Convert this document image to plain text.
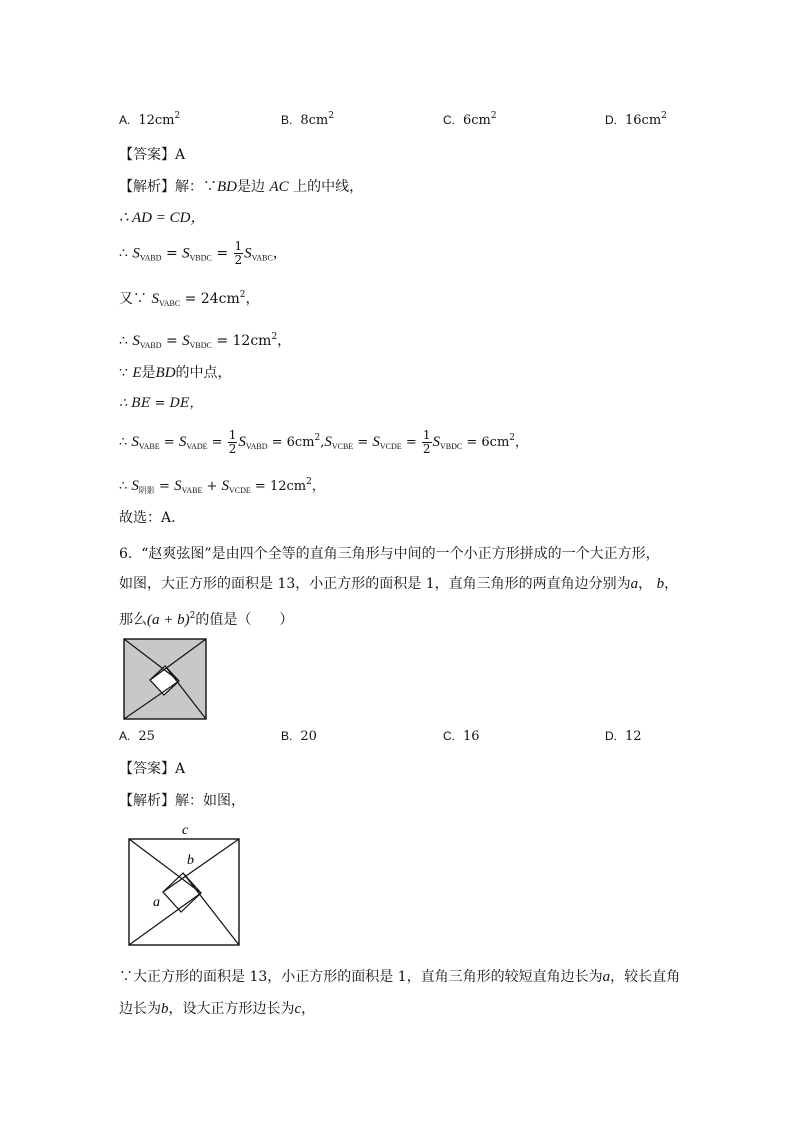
A. $12cm^2$	B. $8cm^2$	C. $6cm^2$	D. $16cm^2$
【答案】A
【解析】解：∵BD是边 AC 上的中线，
∴ AD = CD，
∴ $S_{VABD} = S_{VBDC} = \frac{1}{2} S_{VABC}$，
又∵ $S_{VABC} = 24cm^2$，
∴ $S_{VABD} = S_{VBDC} = 12cm^2$，
∵ E是BD的中点，
∴ BE = DE，
∴ $S_{VABE} = S_{VADE} = \frac{1}{2} S_{VABD} = 6cm^2,S_{VCBE} = S_{VCDE} = \frac{1}{2} S_{VBDC} = 6cm^2$，
∴ $S_{阴影} = S_{VABE} + S_{VCDE} = 12cm^2$，
故选：A．
6. “赵爽弦图”是由四个全等的直角三角形与中间的一个小正方形拼成的一个大正方形，
如图，大正方形的面积是 13，小正方形的面积是 1，直角三角形的两直角边分别为a， b，
那么$(a + b)^2$的值是（　　）
A. 25	B. 20	C. 16	D. 12
【答案】A
【解析】解：如图，
c
b
a
∵大正方形的面积是 13，小正方形的面积是 1，直角三角形的较短直角边长为a，较长直角
边长为b，设大正方形边长为c，
